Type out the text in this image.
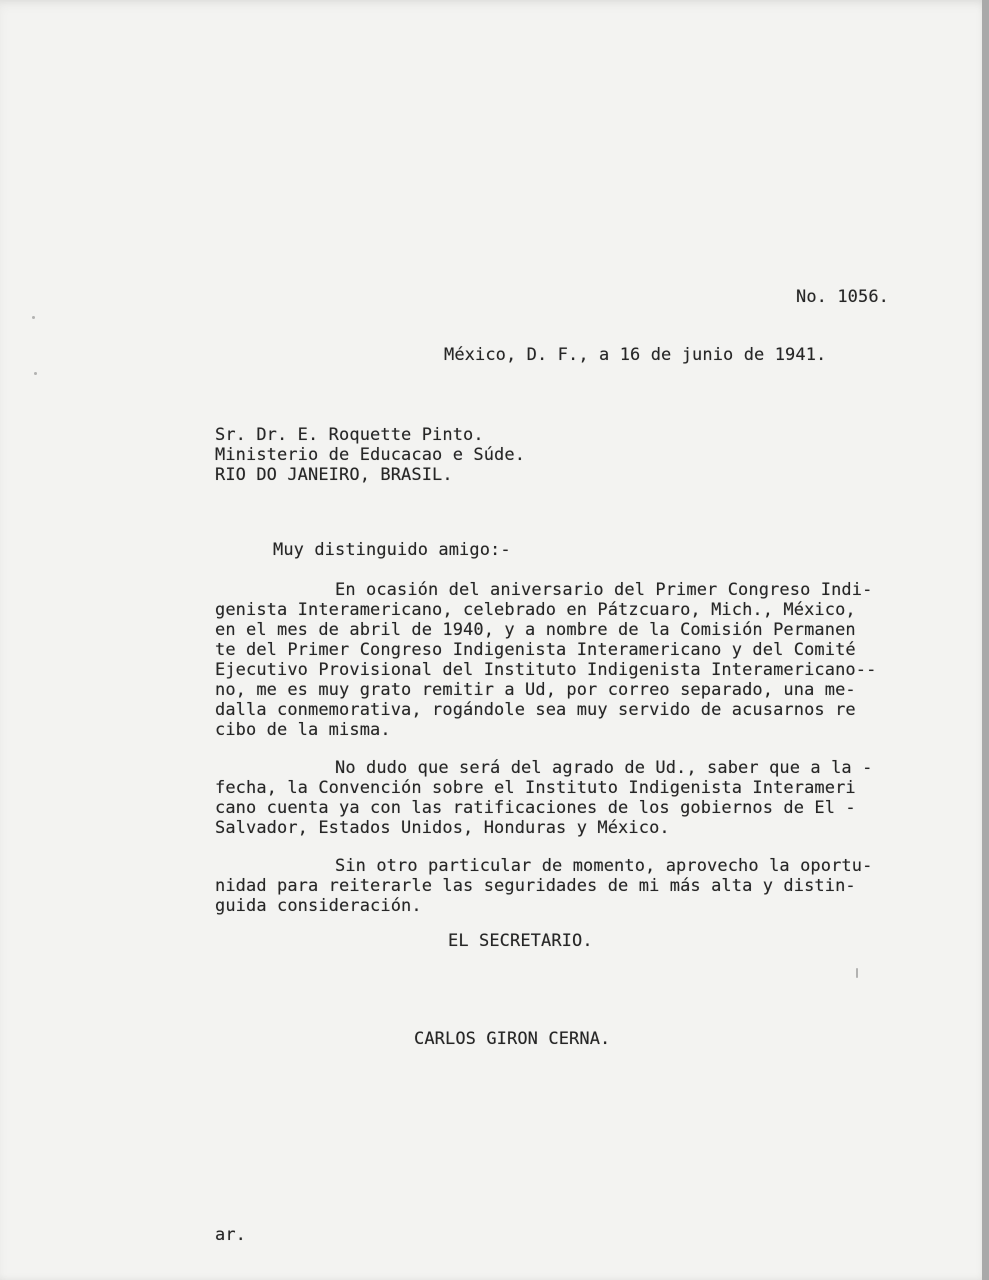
No. 1056.
México, D. F., a 16 de junio de 1941.
Sr. Dr. E. Roquette Pinto.
Ministerio de Educacao e Súde.
RIO DO JANEIRO, BRASIL.
Muy distinguido amigo:-
En ocasión del aniversario del Primer Congreso Indi-
genista Interamericano, celebrado en Pátzcuaro, Mich., México,
en el mes de abril de 1940, y a nombre de la Comisión Permanen
te del Primer Congreso Indigenista Interamericano y del Comité
Ejecutivo Provisional del Instituto Indigenista Interamericano--
no, me es muy grato remitir a Ud, por correo separado, una me-
dalla conmemorativa, rogándole sea muy servido de acusarnos re
cibo de la misma.
No dudo que será del agrado de Ud., saber que a la -
fecha, la Convención sobre el Instituto Indigenista Interameri
cano cuenta ya con las ratificaciones de los gobiernos de El -
Salvador, Estados Unidos, Honduras y México.
Sin otro particular de momento, aprovecho la oportu-
nidad para reiterarle las seguridades de mi más alta y distin-
guida consideración.
EL SECRETARIO.
CARLOS GIRON CERNA.
ar.
